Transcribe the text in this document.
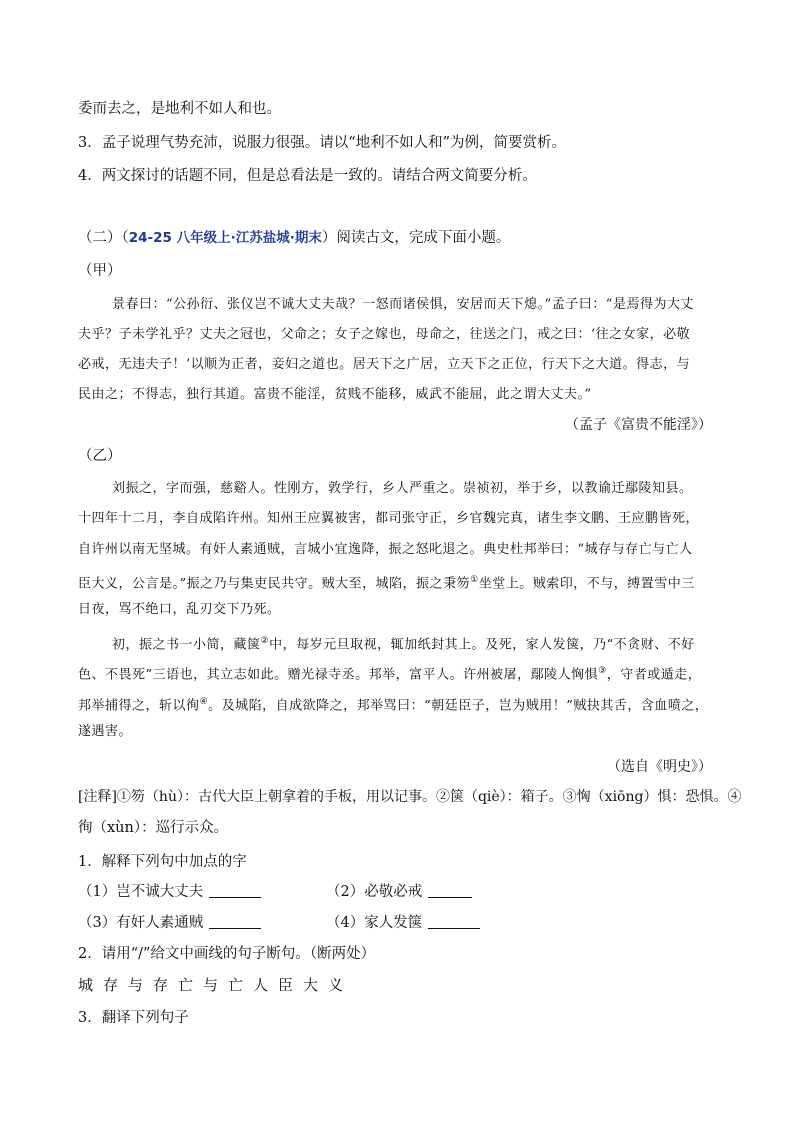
委而去之，是地利不如人和也。
3．孟子说理气势充沛，说服力很强。请以“地利不如人和”为例，简要赏析。
4．两文探讨的话题不同，但是总看法是一致的。请结合两文简要分析。
（二）（24-25 八年级上·江苏盐城·期末）阅读古文，完成下面小题。
（甲）
景春曰：“公孙衍、张仪岂不诚大丈夫哉？一怒而诸侯惧，安居而天下熄。”孟子曰：“是焉得为大丈
夫乎？子未学礼乎？丈夫之冠也，父命之；女子之嫁也，母命之，往送之门，戒之曰：‘往之女家，必敬
必戒，无违夫子！’以顺为正者，妾妇之道也。居天下之广居，立天下之正位，行天下之大道。得志，与
民由之；不得志，独行其道。富贵不能淫，贫贱不能移，威武不能屈，此之谓大丈夫。”
（孟子《富贵不能淫》）
（乙）
刘振之，字而强，慈谿人。性刚方，敦学行，乡人严重之。崇祯初，举于乡，以教谕迁鄢陵知县。
十四年十二月，李自成陷许州。知州王应翼被害，都司张守正，乡官魏完真，诸生李文鹏、王应鹏皆死，
自许州以南无坚城。有奸人素通贼，言城小宜逸降，振之怒叱退之。典史杜邦举曰：“城存与存亡与亡人
臣大义，公言是。”振之乃与集吏民共守。贼大至，城陷，振之秉笏①坐堂上。贼索印，不与，缚置雪中三
日夜，骂不绝口，乱刃交下乃死。
初，振之书一小简，藏箧②中，每岁元旦取视，辄加纸封其上。及死，家人发箧，乃“不贪财、不好
色、不畏死”三语也，其立志如此。赠光禄寺丞。邦举，富平人。许州被屠，鄢陵人恟惧③，守者或遁走，
邦举捕得之，斩以徇④。及城陷，自成欲降之，邦举骂曰：“朝廷臣子，岂为贼用！”贼抉其舌，含血喷之，
遂遇害。
（选自《明史》）
[注释]①笏（hù）：古代大臣上朝拿着的手板，用以记事。②箧（qiè）：箱子。③恟（xiōng）惧：恐惧。④
徇（xùn）：巡行示众。
1．解释下列句中加点的字
（1）岂不诚大丈夫	（2）必敬必戒
（3）有奸人素通贼	（4）家人发箧
2．请用“/”给文中画线的句子断句。（断两处）
城存与存亡与亡人臣大义
3．翻译下列句子
